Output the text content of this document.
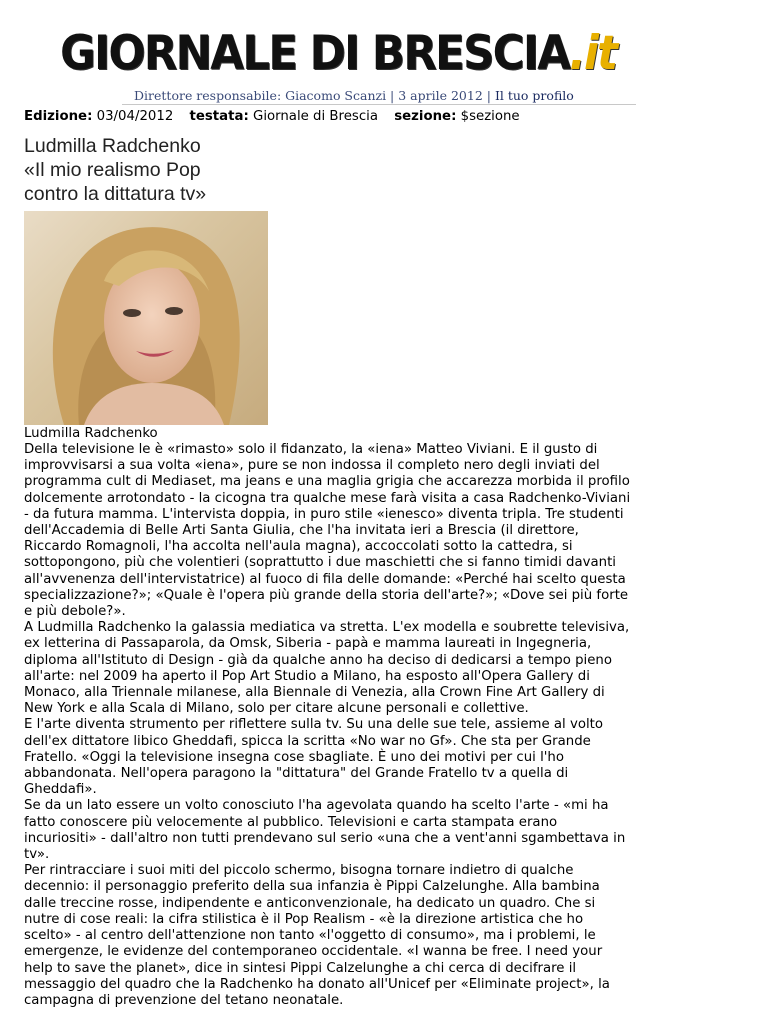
GIORNALE DI BRESCIA.it
Direttore responsabile: Giacomo Scanzi | 3 aprile 2012 | Il tuo profilo
Edizione: 03/04/2012 testata: Giornale di Brescia sezione: $sezione
Ludmilla Radchenko
«Il mio realismo Pop
contro la dittatura tv»
Ludmilla Radchenko
Della televisione le è «rimasto» solo il fidanzato, la «iena» Matteo Viviani. E il gusto di
improvvisarsi a sua volta «iena», pure se non indossa il completo nero degli inviati del
programma cult di Mediaset, ma jeans e una maglia grigia che accarezza morbida il profilo
dolcemente arrotondato - la cicogna tra qualche mese farà visita a casa Radchenko-Viviani
- da futura mamma. L'intervista doppia, in puro stile «ienesco» diventa tripla. Tre studenti
dell'Accademia di Belle Arti Santa Giulia, che l'ha invitata ieri a Brescia (il direttore,
Riccardo Romagnoli, l'ha accolta nell'aula magna), accoccolati sotto la cattedra, si
sottopongono, più che volentieri (soprattutto i due maschietti che si fanno timidi davanti
all'avvenenza dell'intervistatrice) al fuoco di fila delle domande: «Perché hai scelto questa
specializzazione?»; «Quale è l'opera più grande della storia dell'arte?»; «Dove sei più forte
e più debole?».
A Ludmilla Radchenko la galassia mediatica va stretta. L'ex modella e soubrette televisiva,
ex letterina di Passaparola, da Omsk, Siberia - papà e mamma laureati in Ingegneria,
diploma all'Istituto di Design - già da qualche anno ha deciso di dedicarsi a tempo pieno
all'arte: nel 2009 ha aperto il Pop Art Studio a Milano, ha esposto all'Opera Gallery di
Monaco, alla Triennale milanese, alla Biennale di Venezia, alla Crown Fine Art Gallery di
New York e alla Scala di Milano, solo per citare alcune personali e collettive.
E l'arte diventa strumento per riflettere sulla tv. Su una delle sue tele, assieme al volto
dell'ex dittatore libico Gheddafi, spicca la scritta «No war no Gf». Che sta per Grande
Fratello. «Oggi la televisione insegna cose sbagliate. È uno dei motivi per cui l'ho
abbandonata. Nell'opera paragono la "dittatura" del Grande Fratello tv a quella di
Gheddafi».
Se da un lato essere un volto conosciuto l'ha agevolata quando ha scelto l'arte - «mi ha
fatto conoscere più velocemente al pubblico. Televisioni e carta stampata erano
incuriositi» - dall'altro non tutti prendevano sul serio «una che a vent'anni sgambettava in
tv».
Per rintracciare i suoi miti del piccolo schermo, bisogna tornare indietro di qualche
decennio: il personaggio preferito della sua infanzia è Pippi Calzelunghe. Alla bambina
dalle treccine rosse, indipendente e anticonvenzionale, ha dedicato un quadro. Che si
nutre di cose reali: la cifra stilistica è il Pop Realism - «è la direzione artistica che ho
scelto» - al centro dell'attenzione non tanto «l'oggetto di consumo», ma i problemi, le
emergenze, le evidenze del contemporaneo occidentale. «I wanna be free. I need your
help to save the planet», dice in sintesi Pippi Calzelunghe a chi cerca di decifrare il
messaggio del quadro che la Radchenko ha donato all'Unicef per «Eliminate project», la
campagna di prevenzione del tetano neonatale.
